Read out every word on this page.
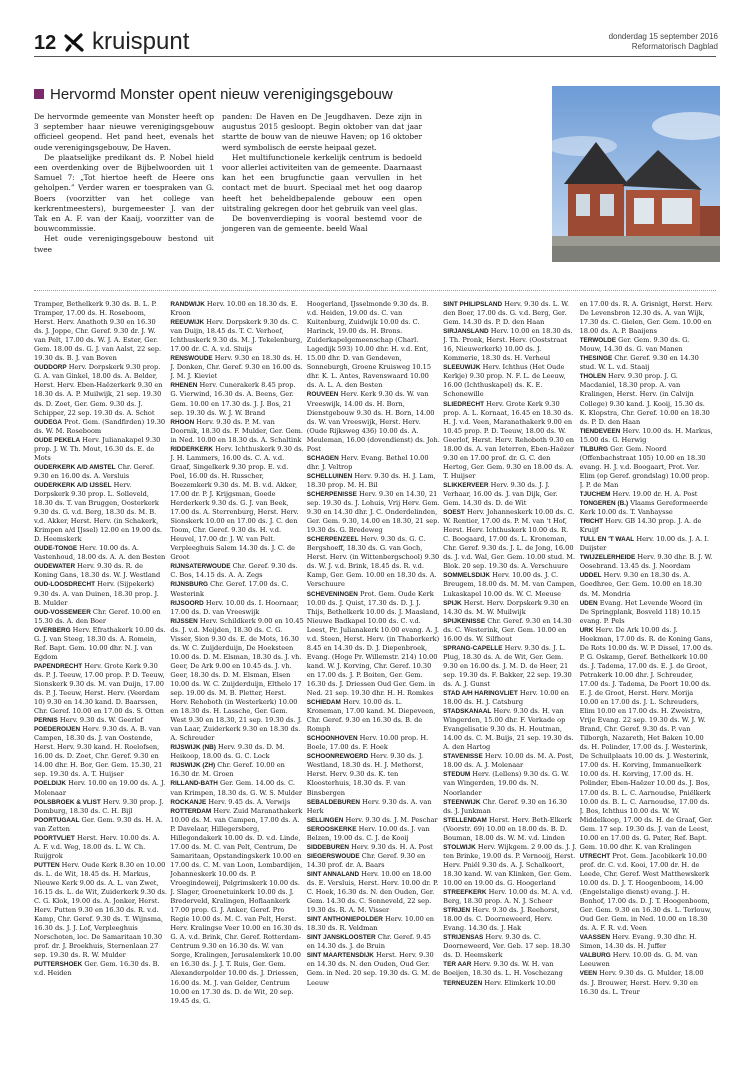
12 kruispunt	donderdag 15 september 2016
Reformatorisch Dagblad
Hervormd Monster opent nieuw verenigingsgebouw

De hervormde gemeente van Monster heeft op 3 september haar nieuwe verenigingsgebouw officieel geopend. Het pand heet, evenals het oude verenigingsgebouw, De Haven.

De plaatselijke predikant ds. P. Nobel hield een overdenking over de Bijbelwoorden uit 1 Samuel 7: „Tot hiertoe heeft de Heere ons geholpen.” Verder waren er toespraken van G. Boers (voorzitter van het college van kerkrentmeesters), burgemeester J. van der Tak en A. F. van der Kaaij, voorzitter van de bouwcommissie.

Het oude verenigingsgebouw bestond uit twee

panden: De Haven en De Jeugdhaven. Deze zijn in augustus 2015 gesloopt. Begin oktober van dat jaar startte de bouw van de nieuwe Haven; op 16 oktober werd symbolisch de eerste heipaal gezet.

Het multifunctionele kerkelijk centrum is bedoeld voor allerlei activiteiten van de gemeente. Daarnaast kan het een brugfunctie gaan vervullen in het contact met de buurt. Speciaal met het oog daarop heeft het beheldbepalende gebouw een open uitstraling gekregen door het gebruik van veel glas.

De bovenverdieping is vooral bestemd voor de jongeren van de gemeente. beeld Waal

Tramper, Bethelkerk 9.30 ds. B. L. P. Tramper, 17.00 ds. H. Roseboom, Herst. Herv. Anathoth 9.30 en 16.30 ds. J. Joppe, Chr. Geref. 9.30 dr. J. W. van Pelt, 17.00 ds. W. J. A. Ester, Ger. Gem. 18.00 ds. G. J. van Aalst, 22 sep. 19.30 ds. B. J. van Boven

OUDDORP Herv. Dorpskerk 9.30 prop. G. A. van Ginkel, 18.00 ds. A. Belder, Herst. Herv. Eben-Haëzerkerk 9.30 en 18.30 ds. A. P. Muilwijk, 21 sep. 19.30 ds. D. Zoet, Ger. Gem. 9.30 ds. J. Schipper, 22 sep. 19.30 ds. A. Schot

OUDEGA Prot. Gem. (Sandfirden) 19.30 ds. W. M. Roseboom

OUDE PEKELA Herv. Julianakapel 9.30 prop. J. W. Th. Mout, 16.30 ds. E. de Mots

OUDERKERK A/D AMSTEL Chr. Geref. 9.30 en 16.00 ds. A. Versluis

OUDERKERK A/D IJSSEL Herv. Dorpskerk 9.30 prop. L. Solleveld, 18.30 ds. T. van Bruggen, Oosterkerk 9.30 ds. G. v.d. Berg, 18.30 ds. M. B. v.d. Akker, Herst. Herv. (in Schakerk, Krimpen a/d IJssel) 12.00 en 19.00 ds. D. Heemskerk

OUDE-TONGE Herv. 10.00 ds. A. Vastenhoud, 18.00 ds. A. A. den Besten

OUDEWATER Herv. 9.30 ds. R. de Koning Gans, 18.30 ds. W. J. Westland

OUD-LOOSDRECHT Herv. (Sijpekerk) 9.30 ds. A. van Duinen, 18.30 prop. J. B. Mulder

OUD-VOSSEMEER Chr. Geref. 10.00 en 15.30 ds. A. den Boer

OVERBERG Herv. Efrathakerk 10.00 ds. G. J. van Steeg, 18.30 ds. A. Romein, Ref. Bapt. Gem. 10.00 dhr. N. J. van Egdom

PAPENDRECHT Herv. Grote Kerk 9.30 ds. P. J. Teeuw, 17.00 prop. P. D. Teeuw, Sionskerk 9.30 ds. M. van Duijn, 17.00 ds. P. J. Teeuw, Herst. Herv. (Veerdam 10) 9.30 en 14.30 kand. D. Baarssen, Chr. Geref. 10.00 en 17.00 ds. S. Otten

PERNIS Herv. 9.30 ds. W. Geerlof

POEDEROIJEN Herv. 9.30 ds. A. B. van Campen, 18.30 ds. J. van Oostende, Herst. Herv. 9.30 kand. H. Roelofsen, 16.00 ds. D. Zoet, Chr. Geref. 9.30 en 14.00 dhr. H. Bor, Ger. Gem. 15.30, 21 sep. 19.30 ds. A. T. Huijser

POELDIJK Herv. 10.00 en 19.00 ds. A. J. Molenaar

POLSBROEK & VLIST Herv. 9.30 prop. J. Domburg, 18.30 ds. C. H. Bijl

POORTUGAAL Ger. Gem. 9.30 ds. H. A. van Zetten

POORTVLIET Herst. Herv. 10.00 ds. A. A. F. v.d. Weg, 18.00 ds. L. W. Ch. Ruijgrok

PUTTEN Herv. Oude Kerk 8.30 en 10.00 ds. L. de Wit, 18.45 ds. H. Markus, Nieuwe Kerk 9.00 ds. A. L. van Zwet, 16.15 ds. L. de Wit, Zuiderkerk 9.30 ds. C. G. Klok, 19.00 ds. A. Jonker, Herst. Herv. Putten 9.30 en 16.30 ds. R. v.d. Kamp, Chr. Geref. 9.30 ds. T. Wijnsma, 16.30 ds. J. J. Lof, Verpleeghuis Norschoten, loc. De Samaritaan 10.30 prof. dr. J. Broekhuis, Sternenlaan 27 sep. 19.30 ds. R. W. Mulder

PUTTERSHOEK Ger. Gem. 16.30 ds. B. v.d. Heiden

RANDWIJK Herv. 10.00 en 18.30 ds. E. Kroon

REEUWIJK Herv. Dorpskerk 9.30 ds. C. van Duijn, 18.45 ds. T. C. Verhoef, Ichthuskerk 9.30 ds. M. J. Tekelenburg, 17.00 dr. C. A. v.d. Sluijs

RENSWOUDE Herv. 9.30 en 18.30 ds. H. J. Donken, Chr. Geref. 9.30 en 16.00 ds. J. M. J. Kieviet

RHENEN Herv. Cunerakerk 8.45 prop. G. Vierwind, 16.30 ds. A. Beens, Ger. Gem. 10.00 en 17.30 ds. J. J. Bos, 21 sep. 19.30 ds. W. J. W. Brand

RHOON Herv. 9.30 ds. P. M. van Doornik, 18.30 ds. F. Mulder, Ger. Gem. in Ned. 10.00 en 18.30 ds. A. Schaltink

RIDDERKERK Herv. Ichthuskerk 9.30 ds. J. H. Lammers, 16.00 ds. C. A. v.d. Graaf, Singelkerk 9.30 prop. E. v.d. Poel, 16.00 ds. H. Russcher, Boezemkerk 9.30 ds. M. B. v.d. Akker, 17.00 dr. P. J. Krijgsman, Goede Herderkerk 9.30 ds. G. J. van Beek, 17.00 ds. A. Sterrenburg, Herst. Herv. Sionskerk 10.00 en 17.00 ds. J. C. den Toom, Chr. Geref. 9.30 ds. H. v.d. Heuvel, 17.00 dr. J. W. van Pelt. Verpleeghuis Salem 14.30 ds. J. C. de Groot

RIJNSATERWOUDE Chr. Geref. 9.30 ds. C. Bos, 14.15 ds. A. A. Zegs

RIJNSBURG Chr. Geref. 17.00 ds. C. Westerink

RIJSOORD Herv. 10.00 ds. I. Hoornaar, 17.00 ds. D. van Vreeswijk

RIJSSEN Herv. Schildkerk 9.00 en 10.45 ds. J. v.d. Meijden, 18.30 ds. C. G. Visser, Sion 9.30 ds. E. de Mots, 16.30 ds. W. C. Zuijderduijn, De Hoeksteen 10.00 ds. D. M. Elsman, 18.30 ds. J. vh. Geer, De Ark 9.00 en 10.45 ds. J. vh. Geer, 18.30 ds. D. M. Elsman, Elsen 10.00 ds. W. C. Zuijderduijn, Elthelo 17 sep. 19.00 ds. M. B. Pletter, Herst. Herv. Rehoboth (in Westerkerk) 10.00 en 18.30 ds. H. Lassche, Ger. Gem. West 9.30 en 18.30, 21 sep. 19.30 ds. J. van Laar, Zuiderkerk 9.30 en 18.30 ds. A. Schreuder

RIJSWIJK (NB) Herv. 9.30 ds. D. M. Heikoop, 18.00 ds. G. C. Lock

RIJSWIJK (ZH) Chr. Geref. 10.00 en 16.30 dr. M. Groen

RILLAND-BATH Ger. Gem. 14.00 ds. C. van Krimpen, 18.30 ds. G. W. S. Mulder

ROCKANJE Herv. 9.45 ds. A. Verwijs

ROTTERDAM Herv. Zuid Maranathakerk 10.00 ds. M. van Campen, 17.00 ds. A. P. Davelaar, Hillegersberg, Hillegondakerk 10.00 ds. D. v.d. Linde, 17.00 ds. M. C. van Pelt, Centrum, De Samaritaan, Opstandingskerk 10.00 en 17.00 ds. C. M. van Loon, Lombardijen, Johanneskerk 10.00 ds. P. Vroegindeweij, Pelgrimskerk 10.00 ds. J. Slager, Groenetuinkerk 10.00 ds. J. Brederveld, Kralingen, Hoflaankerk 17.00 prop. G. J. Anker, Geref. Pro Regie 10.00 ds. M. C. van Pelt, Herst. Herv. Kralingse Veer 10.00 en 16.30 ds. G. A. v.d. Brink, Chr. Geref. Rotterdam-Centrum 9.30 en 16.30 ds. W. van Sorge, Kralingen, Jerusalemkerk 10.00 en 16.30 ds. J. J. T. Ruis, Ger. Gem. Alexanderpolder 10.00 ds. J. Driessen, 16.00 ds. M. J. van Gelder, Centrum 10.00 en 17.30 ds. D. de Wit, 20 sep. 19.45 ds. G.

Hoogerland, IJsselmonde 9.30 ds. B. v.d. Heiden, 19.00 ds. C. van Kuitenburg, Zuidwijk 10.00 ds. C. Harinck, 19.00 ds. H. Brons. Zuiderkapelgemeenschap (Charl. Lagedijk 593) 10.00 dhr. H. v.d. Ent, 15.00 dhr. D. van Gendeven, Sonneburgh, Groene Kruisweg 10.15 dhr. K. L. Antes, Ravenswaard 10.00 ds. A. L. A. den Besten

ROUVEEN Herv. Kerk 9.30 ds. W. van Vreeswijk, 14.00 ds. H. Born, Dienstgebouw 9.30 ds. H. Born, 14.00 ds. W. van Vreeswijk, Herst. Herv. (Oude Rijksweg 436) 10.00 ds. A. Meuleman, 16.00 (dovendienst) ds. Joh. Post

SCHAGEN Herv. Evang. Bethel 10.00 dhr. J. Veltrop

SCHELLUINEN Herv. 9.30 ds. H. J. Lam, 18.30 prop. M. H. Bil

SCHERPENISSE Herv. 9.30 en 14.30, 21 sep. 19.30 ds. J. Lohuis, Vrij Herv. Gem. 9.30 en 14.30 dhr. J. C. Onderdelinden, Ger. Gem. 9.30, 14.00 en 18.30, 21 sep. 19.30 ds. G. Bredeweg

SCHERPENZEEL Herv. 9.30 ds. G. C. Bergshoeff, 18.30 ds. G. van Goch, Herst. Herv. (in Wittenbergschool) 9.30 ds. W. J. v.d. Brink, 18.45 ds. R. v.d. Kamp, Ger. Gem. 10.00 en 18.30 ds. A. Verschuure

SCHEVENINGEN Prot. Gem. Oude Kerk 10.00 ds. J. Quist, 17.30 ds. D. J. J. Thijs, Bethelkerk 10.00 ds. J. Maasland, Nieuwe Badkapel 10.00 ds. C. v.d. Leest, Pr. Julianakerk 10.00 evang. A. J. v.d. Steen, Herst. Herv. (in Thaborkerk) 8.45 en 14.30 ds. D. J. Diepenbroek, Evang. (Hoge Pr. Willemstr. 214) 10.00 kand. W. J. Korving, Chr. Geref. 10.30 en 17.00 ds. J. P. Boiten, Ger. Gem. 16.30 ds. J. Driessen Oud Ger. Gem. in Ned. 21 sep. 19.30 dhr. H. H. Romkes

SCHIEDAM Herv. 10.00 ds. L. Kroneman, 17.00 kand. M. Diepeveen, Chr. Geref. 9.30 en 16.30 ds. B. de Romph

SCHOONHOVEN Herv. 10.00 prop. H. Boele, 17.00 ds. F. Hoek

SCHOONREWOERD Herv. 9.30 ds. J. Westland, 18.30 ds. H. J. Methorst, Herst. Herv. 9.30 ds. K. ten Kloosterhuis, 18.30 ds. F. van Binsbergen

SEBALDEBUREN Herv. 9.30 ds. A. van Herk

SELLINGEN Herv. 9.30 ds. J. M. Peschar

SEROOSKERKE Herv. 10.00 ds. J. van Belzen, 19.00 ds. C. J. de Kooij

SIDDEBUREN Herv. 9.30 ds. H. A. Post

SIEGERSWOUDE Chr. Geref. 9.30 en 14.30 prof. dr. A. Baars

SINT ANNALAND Herv. 10.00 en 18.00 ds. E. Versluis, Herst. Herv. 10.00 dr. P. C. Hoek, 16.30 ds. N. den Ouden, Ger. Gem. 14.30 ds. C. Sonneveld, 22 sep. 19.30 ds. R. A. M. Visser

SINT ANTHONIEPOLDER Herv. 10.00 en 18.30 ds. R. Veldman

SINT JANSKLOOSTER Chr. Geref. 9.45 en 14.30 ds. J. de Bruin

SINT MAARTENSDIJK Herst. Herv. 9.30 en 14.30 ds. N. den Ouden, Oud Ger. Gem. in Ned. 20 sep. 19.30 ds. G. M. de Leeuw

SINT PHILIPSLAND Herv. 9.30 ds. L. W. den Boer, 17.00 ds. G. v.d. Berg, Ger. Gem. 14.30 ds. P. D. den Haan

SIRJANSLAND Herv. 10.00 en 18.30 ds. J. Th. Pronk, Herst. Herv. (Ooststraat 16, Nieuwerkerk) 10.00 ds. J. Kommerie, 18.30 ds. H. Verheul

SLEEUWIJK Herv. Ichthus (Het Oude Kerkje) 9.30 prop. N. F. L. de Leeuw, 16.00 (Ichthuskapel) ds. K. E. Schonewille

SLIEDRECHT Herv. Grote Kerk 9.30 prop. A. L. Kornaat, 16.45 en 18.30 ds. H. J. v.d. Veen, Maranathakerk 9.00 en 10.45 prop. P. D. Teeuw, 18.00 ds. W. Geerlof, Herst. Herv. Rehoboth 9.30 en 18.00 ds. A. van Ieterren, Eben-Haëzer 9.30 en 17.00 prof. dr. G. C. den Hertog, Ger. Gem. 9.30 en 18.00 ds. A. T. Huijser

SLIKKERVEER Herv. 9.30 ds. J. J. Verhaar, 16.00 ds. J. van Dijk, Ger. Gem. 14.30 ds. D. de Wit

SOEST Herv. Johanneskerk 10.00 ds. C. W. Rentier, 17.00 ds. P. M. van 't Hof, Herst. Herv. Ichthuskerk 10.00 ds. R. C. Boogaard, 17.00 ds. L. Kroneman, Chr. Geref. 9.30 ds. J. L. de Jong, 16.00 ds. J. v.d. Wal, Ger. Gem. 10.00 stud. M. Blok. 20 sep. 19.30 ds. A. Verschuure

SOMMELSDIJK Herv. 10.00 ds. J. C. Breugem, 18.00 ds. M. M. van Campen, Lukaskapel 10.00 ds. W. C. Meeuse

SPIJK Herst. Herv. Dorpskerk 9.30 en 14.30 ds. M. W. Muilwijk

SPIJKENISSE Chr. Geref. 9.30 en 14.30 ds. C. Westerink, Ger. Gem. 10.00 en 16.00 ds. W. Silfhout

SPRANG-CAPELLE Herv. 9.30 ds. J. L. Plug, 18.30 ds. A. de Wit, Ger. Gem. 9.30 en 16.00 ds. J. M. D. de Heer, 21 sep. 19.30 ds. F. Bakker, 22 sep. 19.30 ds. A. J. Gunst

STAD A/H HARINGVLIET Herv. 10.00 en 18.00 ds. H. J. Catsburg

STADSKANAAL Herv. 9.30 ds. H. van Wingerden, 15.00 dhr. F. Verkade op Evangelisatie 9.30 ds. H. Houtman, 14.00 ds. C. M. Buijs, 21 sep. 19.30 ds. A. den Hartog

STAVENISSE Herv. 10.00 ds. M. A. Post, 18.00 ds. A. J. Molenaar

STEDUM Herv. (Lellens) 9.30 ds. G. W. van Wingerden, 19.00 ds. N. Noorlander

STEENWIJK Chr. Geref. 9.30 en 16.30 ds. J. Junkman

STELLENDAM Herst. Herv. Beth-Elkerk (Voorstr. 69) 10.00 en 18.00 ds. B. D. Bouman, 18.00 ds. W. M. v.d. Linden

STOLWIJK Herv. Wijkgem. 2 9.00 ds. J. J. ten Brinke, 19.00 ds. P. Vernooij, Herst. Herv. Pniël 9.30 ds. A. J. Schalkoort, 18.30 kand. W. van Klinken, Ger. Gem. 10.00 en 19.00 ds. G. Hoogerland

STREEFKERK Herv. 10.00 ds. M. A. v.d. Berg, 18.30 prop. A. N. J. Scheer

STRIJEN Herv. 9.30 ds. J. Reehorst, 18.00 ds. C. Doorneweerd, Herv. Evang. 14.30 ds. J. Hak

STRIJENSAS Herv. 9.30 ds. C. Doorneweerd, Ver. Geb. 17 sep. 18.30 ds. D. Heemskerk

TER AAR Herv. 9.30 ds. W. H. van Boeijen, 18.30 ds. L. H. Voschezang

TERNEUZEN Herv. Elimkerk 10.00

en 17.00 ds. R. A. Grisnigt, Herst. Herv. De Levensbron 12.30 ds. A. van Wijk, 17.30 ds. C. Gielen, Ger. Gem. 10.00 en 18.00 ds. A. P. Baaijens

TERWOLDE Ger. Gem. 9.30 ds. G. Mouw, 14.30 ds. G. van Manen

THESINGE Chr. Geref. 9.30 en 14.30 stud. W. L. v.d. Staaij

THOLEN Herv. 9.30 prop. J. G. Macdaniel, 18.30 prop. A. van Kralingen, Herst. Herv. (in Calvijn College) 9.30 kand. J. Kooij, 15.30 ds. K. Klopstra, Chr. Geref. 10.00 en 18.30 ds. P. D. den Haan

TIENDEVEEN Herv. 10.00 ds. H. Markus, 15.00 ds. G. Herwig

TILBURG Ger. Gem. Noord (Offenbachstraat 105) 10.00 en 18.30 evang. H. J. v.d. Boogaart, Prot. Ver. Elim (op Geref. grondslag) 10.00 prop. J. P. de Man

TJUCHEM Herv. 19.00 dr. H. A. Post

TONGEREN (B.) Vlaams Gereformeerde Kerk 10.00 ds. T. Vanhaysse

TRICHT Herv. GB 14.30 prop. J. A. de Kruijf

TULL EN 'T WAAL Herv. 10.00 ds. J. A. I. Duijster

TWIJZELERHEIDE Herv. 9.30 dhr. B. J. W. Oosebrand. 13.45 ds. J. Noordam

UDDEL Herv. 9.30 en 18.30 ds. A. Goedhree, Ger. Gem. 10.00 en 18.30 ds. M. Mondria

UDEN Evang. Het Levende Woord (in De Springplank, Bosveld 118) 10.15 evang. P. Pels

URK Herv. De Ark 10.00 ds. J. Hoekman, 17.00 ds. R. de Koning Gans, De Rots 10.00 ds. W. P. Dissel, 17.00 ds. P. G. Oskamp, Geref. Bethelkerk 10.00 ds. J. Tadema, 17.00 ds. E. J. de Groot, Petrakerk 10.00 dhr. J. Schreuder, 17.00 ds. J. Tadema, De Poort 10.00 ds. E. J. de Groot, Herst. Herv. Morija 10.00 en 17.00 ds. J. L. Schreuders, Elim 10.00 en 17.00 ds. H. Zweistra, Vrije Evang. 22 sep. 19.30 ds. W. J. W. Brand, Chr. Geref. 9.30 ds. P. van Tilborgh, Nazareth, Het Baken 10.00 ds. H. Polinder, 17.00 ds. J. Westerink, De Schuilplaats 10.00 ds. J. Westerink, 17.00 ds. H. Korving, Immanuelkerk 10.00 ds. H. Korving, 17.00 ds. H. Polinder, Eben-Haëzer 10.00 ds. J. Bos, 17.00 ds. B. L. C. Aarnoudse, Pniëlkerk 10.00 ds. B. L. C. Aarnoudse, 17.00 ds. J. Bos, Ichthus 10.00 ds. W. W. Middelkoop, 17.00 ds. H. de Graaf, Ger. Gem. 17 sep. 19.30 ds. J. van de Leest, 10.00 en 17.00 ds. G. Pater, Ref. Bapt. Gem. 10.00 dhr. K. van Kralingen

UTRECHT Prot. Gem. Jacobikerk 10.00 prof. dr. C. v.d. Kooi, 17.00 dr. H. de Leede, Chr. Geref. West Matthewskerk 10.00 ds. D. J. T. Hoogenboom, 14.00 (Engelstalige dienst) evang. J. H. Bonhof, 17.00 ds. D. J. T. Hoogenboom, Ger. Gem. 9.30 en 16.30 ds. L. Terlouw, Oud Ger. Gem. in Ned. 10.00 en 18.30 ds. A. F. R. v.d. Veen

VAASSEN Herv. Evang. 9.30 dhr. H. Simon, 14.30 ds. H. Juffer

VALBURG Herv. 10.00 ds. G. M. van Leeuwen

VEEN Herv. 9.30 ds. G. Mulder, 18.00 ds. J. Brouwer, Herst. Herv. 9.30 en 16.30 ds. L. Treur
